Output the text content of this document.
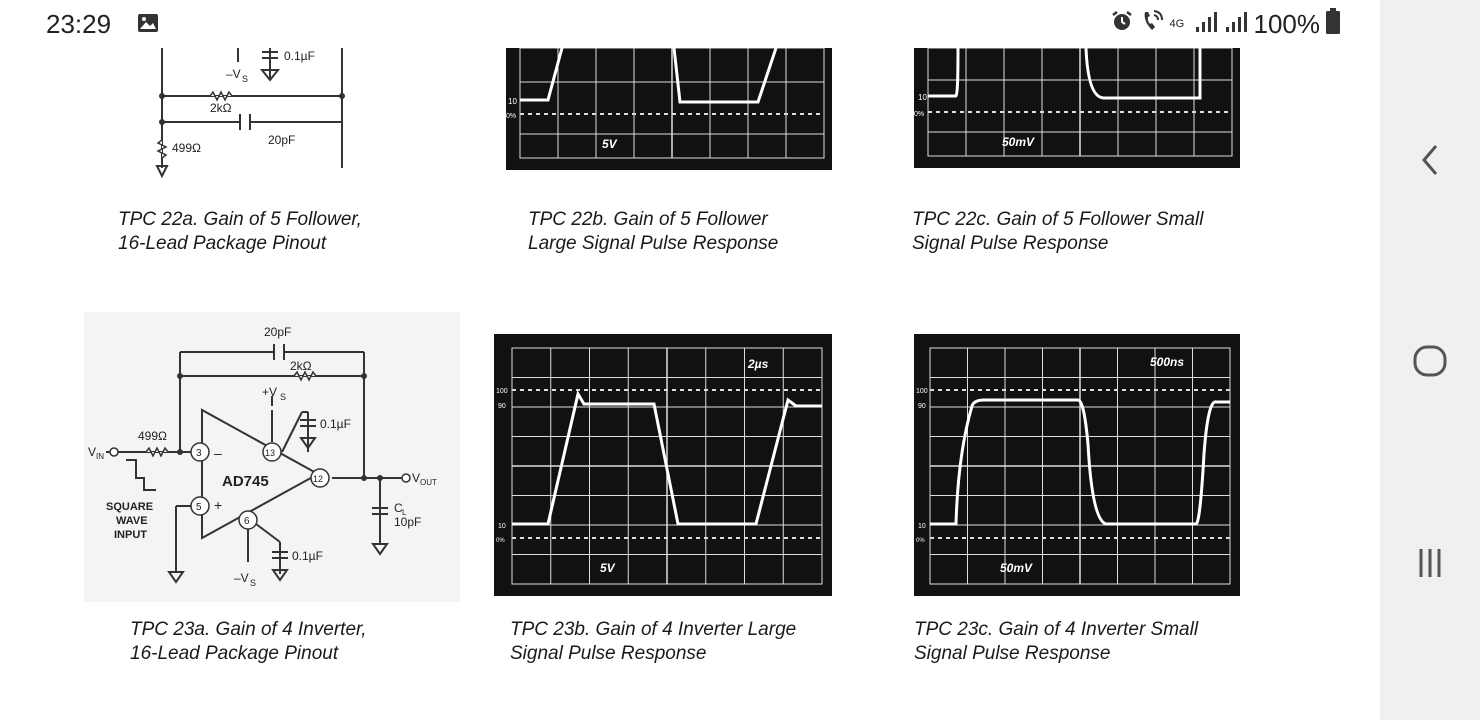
23:29	4G	100%
–V S
0.1µF
2kΩ
20pF
499Ω
10
0%
5V
10
0%
50mV
TPC 22a. Gain of 5 Follower,
16-Lead Package Pinout
TPC 22b. Gain of 5 Follower
Large Signal Pulse Response
TPC 22c. Gain of 5 Follower Small
Signal Pulse Response
3
5
13
6
12
–
+
AD745
20pF
2kΩ
+V S
0.1µF
–V S
0.1µF
V IN
V OUT
499Ω
SQUARE
WAVE
INPUT
C L
10pF
100
90
10
0%
2µs
5V
100
90
10
0%
500ns
50mV
TPC 23a. Gain of 4 Inverter,
16-Lead Package Pinout
TPC 23b. Gain of 4 Inverter Large
Signal Pulse Response
TPC 23c. Gain of 4 Inverter Small
Signal Pulse Response
